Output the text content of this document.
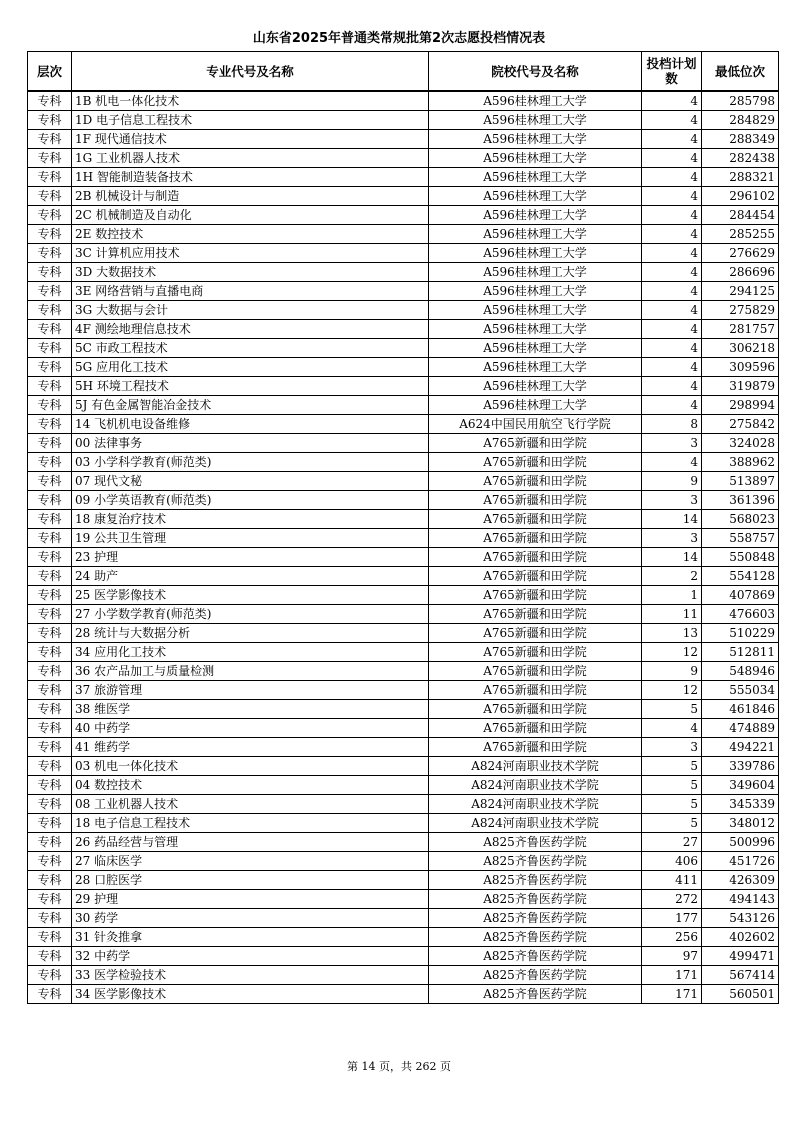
山东省2025年普通类常规批第2次志愿投档情况表
层次	专业代号及名称	院校代号及名称	投档计划数	最低位次
专科	1B 机电一体化技术	A596桂林理工大学	4	285798
专科	1D 电子信息工程技术	A596桂林理工大学	4	284829
专科	1F 现代通信技术	A596桂林理工大学	4	288349
专科	1G 工业机器人技术	A596桂林理工大学	4	282438
专科	1H 智能制造装备技术	A596桂林理工大学	4	288321
专科	2B 机械设计与制造	A596桂林理工大学	4	296102
专科	2C 机械制造及自动化	A596桂林理工大学	4	284454
专科	2E 数控技术	A596桂林理工大学	4	285255
专科	3C 计算机应用技术	A596桂林理工大学	4	276629
专科	3D 大数据技术	A596桂林理工大学	4	286696
专科	3E 网络营销与直播电商	A596桂林理工大学	4	294125
专科	3G 大数据与会计	A596桂林理工大学	4	275829
专科	4F 测绘地理信息技术	A596桂林理工大学	4	281757
专科	5C 市政工程技术	A596桂林理工大学	4	306218
专科	5G 应用化工技术	A596桂林理工大学	4	309596
专科	5H 环境工程技术	A596桂林理工大学	4	319879
专科	5J 有色金属智能冶金技术	A596桂林理工大学	4	298994
专科	14 飞机机电设备维修	A624中国民用航空飞行学院	8	275842
专科	00 法律事务	A765新疆和田学院	3	324028
专科	03 小学科学教育(师范类)	A765新疆和田学院	4	388962
专科	07 现代文秘	A765新疆和田学院	9	513897
专科	09 小学英语教育(师范类)	A765新疆和田学院	3	361396
专科	18 康复治疗技术	A765新疆和田学院	14	568023
专科	19 公共卫生管理	A765新疆和田学院	3	558757
专科	23 护理	A765新疆和田学院	14	550848
专科	24 助产	A765新疆和田学院	2	554128
专科	25 医学影像技术	A765新疆和田学院	1	407869
专科	27 小学数学教育(师范类)	A765新疆和田学院	11	476603
专科	28 统计与大数据分析	A765新疆和田学院	13	510229
专科	34 应用化工技术	A765新疆和田学院	12	512811
专科	36 农产品加工与质量检测	A765新疆和田学院	9	548946
专科	37 旅游管理	A765新疆和田学院	12	555034
专科	38 维医学	A765新疆和田学院	5	461846
专科	40 中药学	A765新疆和田学院	4	474889
专科	41 维药学	A765新疆和田学院	3	494221
专科	03 机电一体化技术	A824河南职业技术学院	5	339786
专科	04 数控技术	A824河南职业技术学院	5	349604
专科	08 工业机器人技术	A824河南职业技术学院	5	345339
专科	18 电子信息工程技术	A824河南职业技术学院	5	348012
专科	26 药品经营与管理	A825齐鲁医药学院	27	500996
专科	27 临床医学	A825齐鲁医药学院	406	451726
专科	28 口腔医学	A825齐鲁医药学院	411	426309
专科	29 护理	A825齐鲁医药学院	272	494143
专科	30 药学	A825齐鲁医药学院	177	543126
专科	31 针灸推拿	A825齐鲁医药学院	256	402602
专科	32 中药学	A825齐鲁医药学院	97	499471
专科	33 医学检验技术	A825齐鲁医药学院	171	567414
专科	34 医学影像技术	A825齐鲁医药学院	171	560501
第 14 页，共 262 页
